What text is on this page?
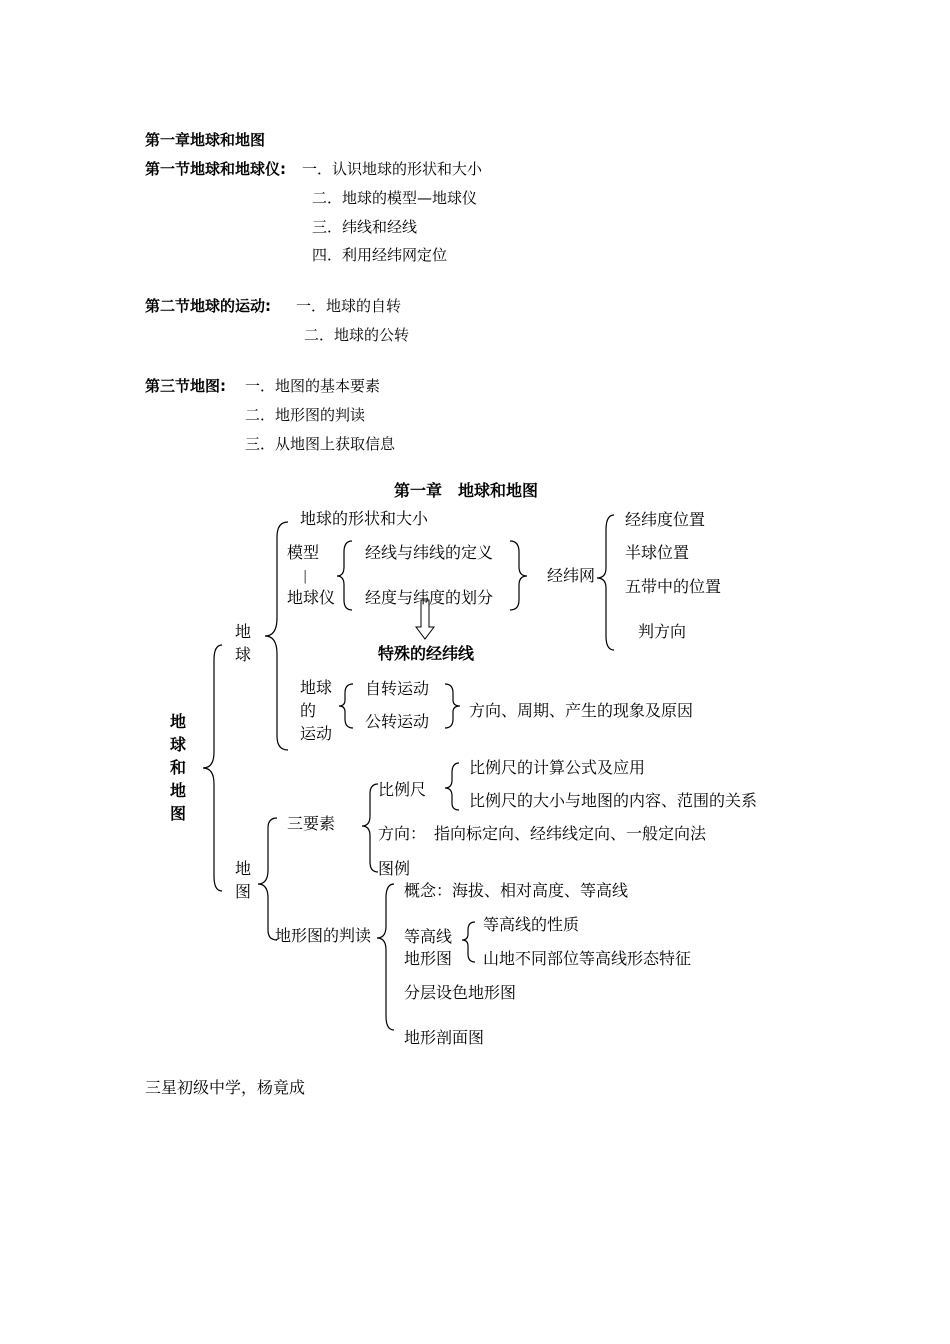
第一章地球和地图
第一节地球和地球仪: 一．认识地球的形状和大小
二．地球的模型—地球仪
三．纬线和经线
四．利用经纬网定位
第二节地球的运动: 一．地球的自转
二．地球的公转
第三节地图: 一．地图的基本要素
二．地形图的判读
三．从地图上获取信息
第一章　地球和地图
地球和地图
地球
地球的形状和大小
模型
|
地球仪
经线与纬线的定义
经度与纬度的划分
经纬网
经纬度位置
半球位置
五带中的位置
判方向
特殊的经纬线
地球
的
运动
自转运动
公转运动
方向、周期、产生的现象及原因
地图
三要素
比例尺
比例尺的计算公式及应用
比例尺的大小与地图的内容、范围的关系
方向：　指向标定向、经纬线定向、一般定向法
图例
地形图的判读
概念：海拔、相对高度、等高线
等高线
地形图
等高线的性质
山地不同部位等高线形态特征
分层设色地形图
地形剖面图
三星初级中学，杨竟成
